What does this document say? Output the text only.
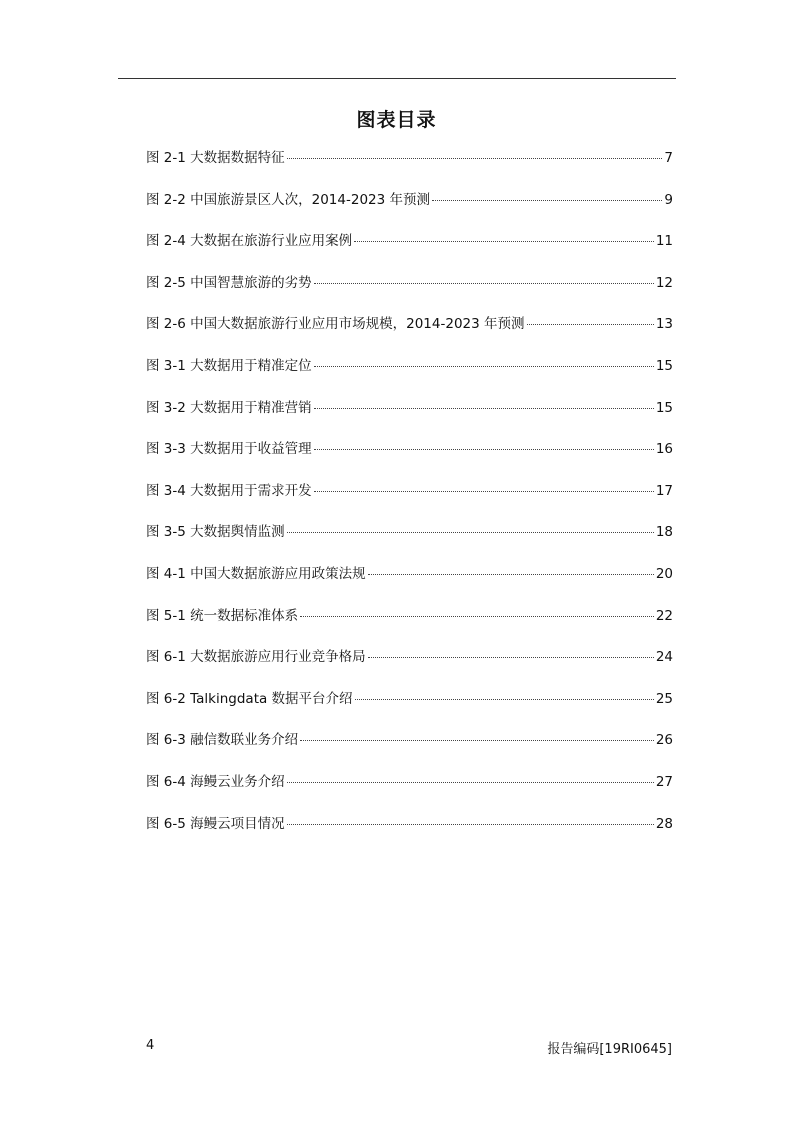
图表目录
图 2-1 大数据数据特征	7
图 2-2 中国旅游景区人次，2014-2023 年预测	9
图 2-4 大数据在旅游行业应用案例	11
图 2-5 中国智慧旅游的劣势	12
图 2-6 中国大数据旅游行业应用市场规模，2014-2023 年预测	13
图 3-1 大数据用于精准定位	15
图 3-2 大数据用于精准营销	15
图 3-3 大数据用于收益管理	16
图 3-4 大数据用于需求开发	17
图 3-5 大数据舆情监测	18
图 4-1 中国大数据旅游应用政策法规	20
图 5-1 统一数据标准体系	22
图 6-1 大数据旅游应用行业竞争格局	24
图 6-2 Talkingdata 数据平台介绍	25
图 6-3 融信数联业务介绍	26
图 6-4 海鳗云业务介绍	27
图 6-5 海鳗云项目情况	28
4	报告编码[19RI0645]
